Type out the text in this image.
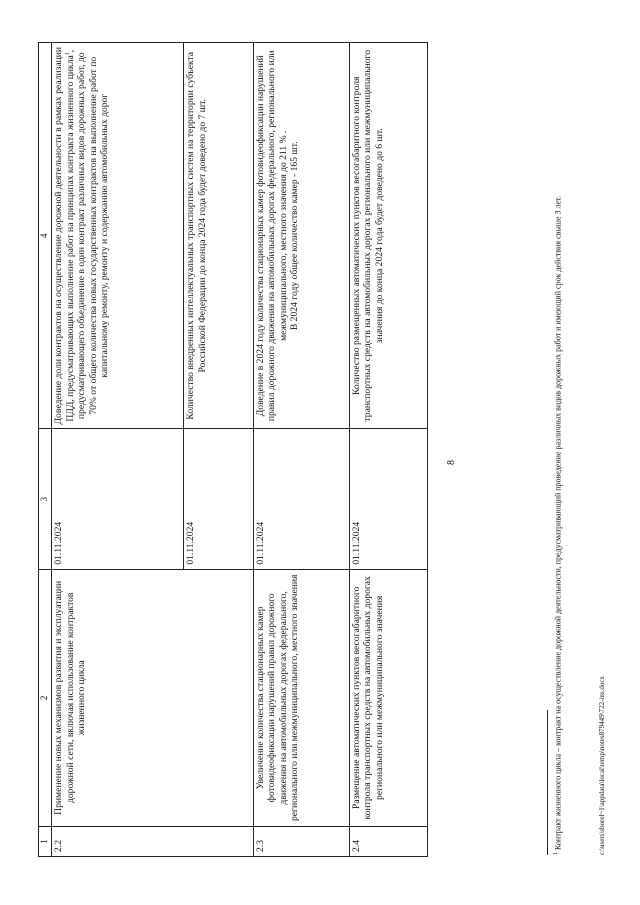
8
1	2	3	4
2.2	Применение новых механизмов развития и эксплуатации дорожной сети, включая использование контрактов жизненного цикла	01.11.2024	Доведение доли контрактов на осуществление дорожной деятельности в рамках реализации ПДД, предусматривающих выполнение работ на принципах контракта жизненного цикла$^1$, предусматривающего объединение в один контракт различных видов дорожных работ, до 70% от общего количества новых государственных контрактов на выполнение работ по капитальному ремонту, ремонту и содержанию автомобильных дорог
		01.11.2024	Количество внедренных интеллектуальных транспортных систем на территории субъекта Российской Федерации до конца 2024 года будет доведено до 7 шт.
2.3	Увеличение количества стационарных камер фотовидеофиксации нарушений правил дорожного движения на автомобильных дорогах федерального, регионального или межмуниципального, местного значения	01.11.2024	Доведение в 2024 году количества стационарных камер фотовидеофиксации нарушений правил дорожного движения на автомобильных дорогах федерального, регионального или межмуниципального, местного значения до 211 % . В 2024 году общее количество камер - 165 шт.

2.4	Размещение автоматических пунктов весогабаритного контроля транспортных средств на автомобильных дорогах регионального или межмуниципального значения	01.11.2024	Количество размещенных автоматических пунктов весогабаритного контроля транспортных средств на автомобильных дорогах регионального или межмуниципального значения до конца 2024 года будет доведено до 6 шт.
$^1$ Контракт жизненного цикла – контракт на осуществление дорожной деятельности, предусматривающий проведение различных видов дорожных работ и имеющий срок действия свыше 3 лет.	c:\users\sborel~1\appdata\local\temp\notes879449\722-ins.docx
